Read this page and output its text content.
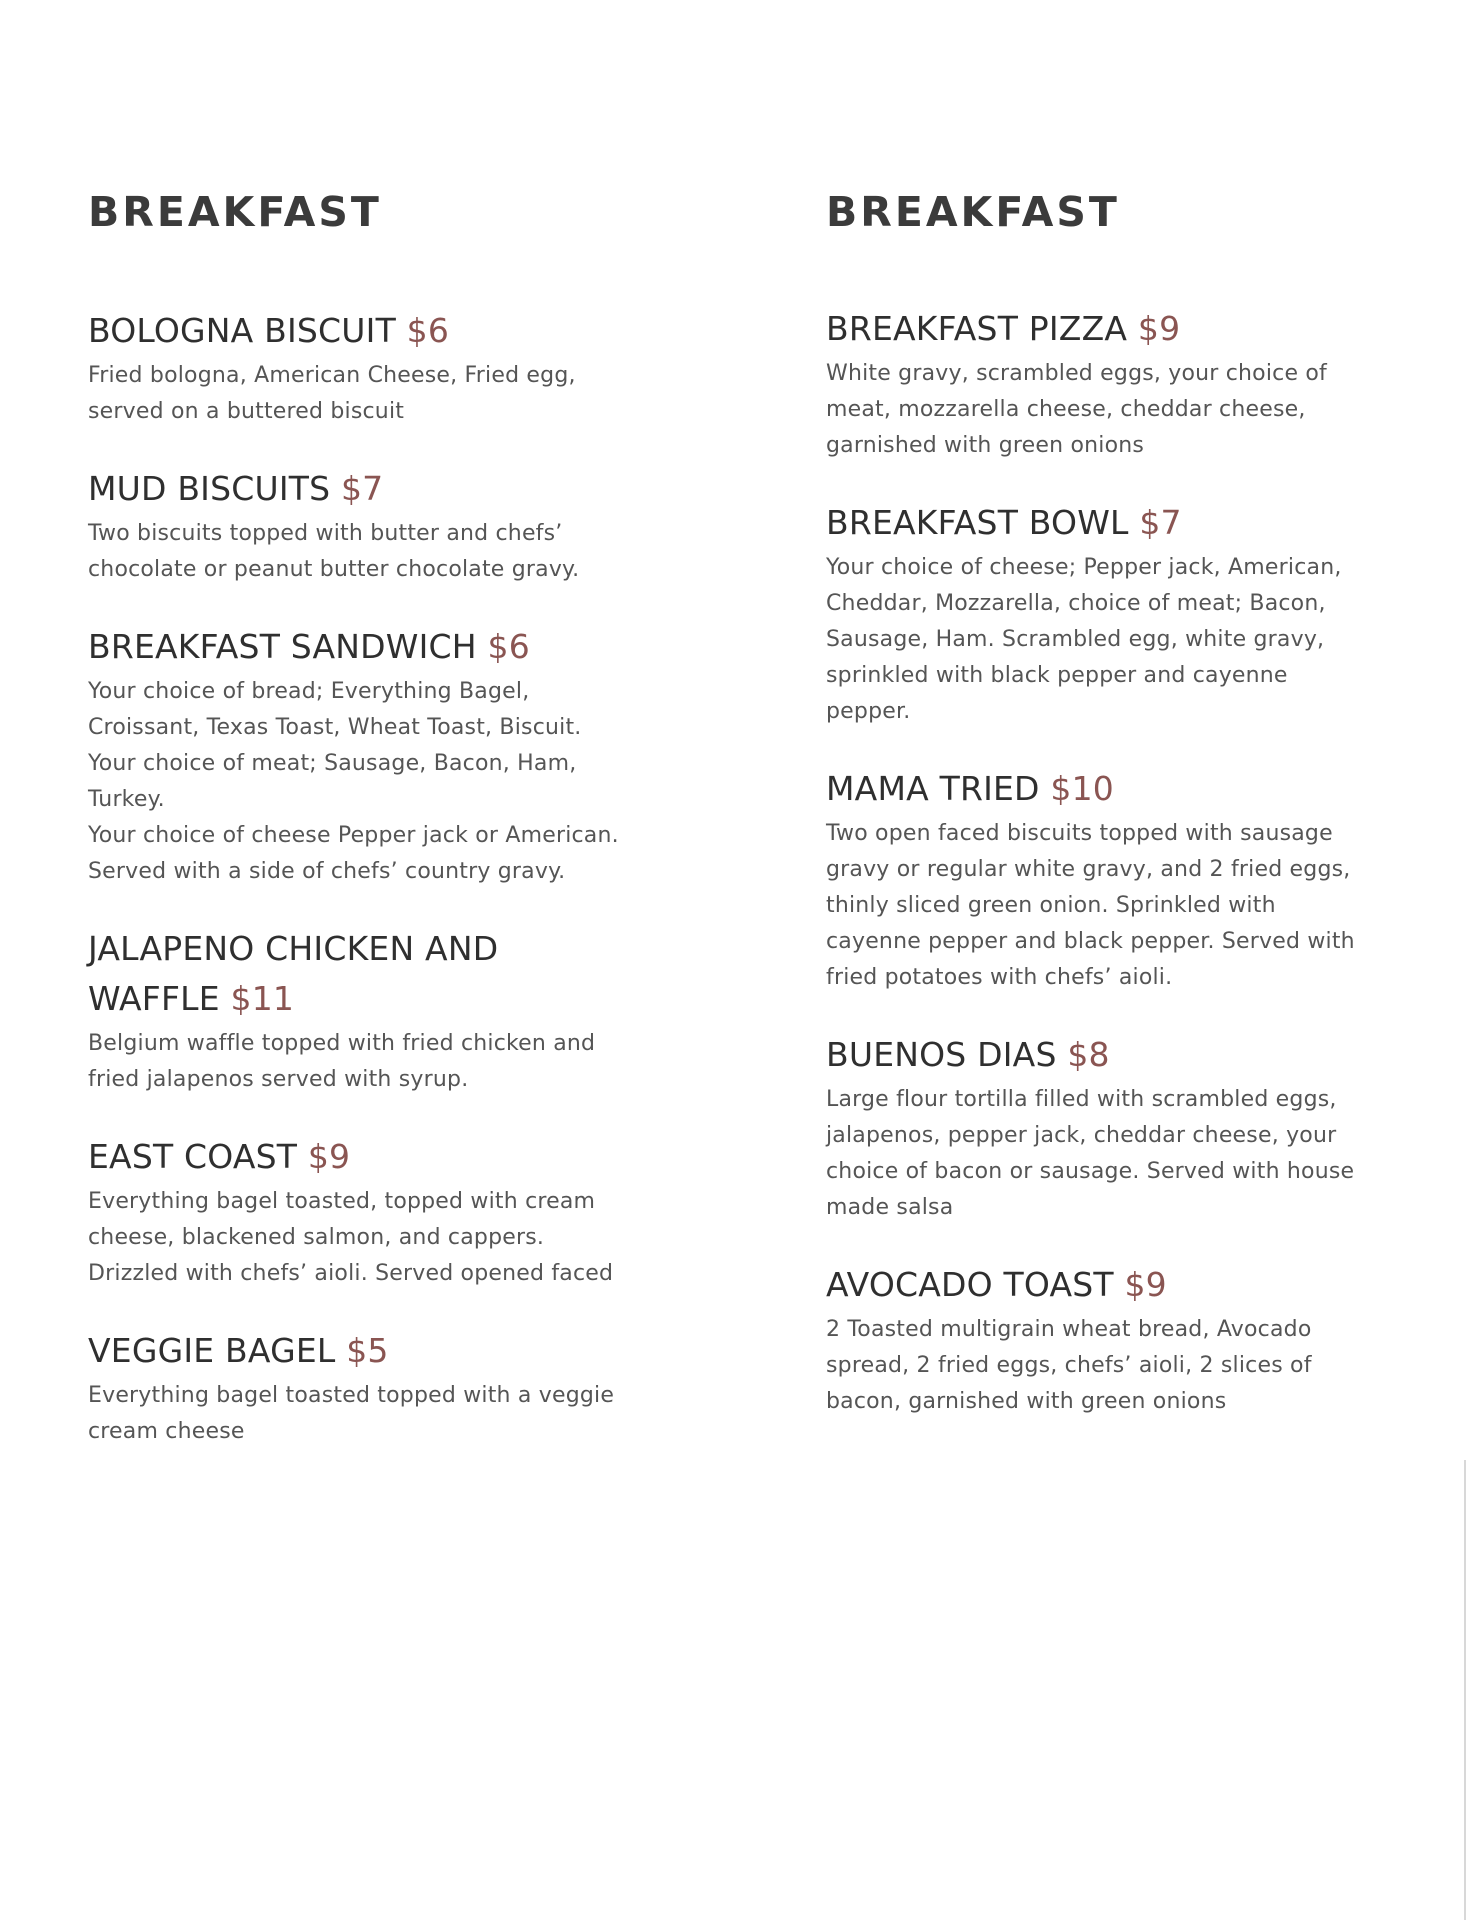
BREAKFAST
BOLOGNA BISCUIT $6
Fried bologna, American Cheese, Fried egg,
served on a buttered biscuit
MUD BISCUITS $7
Two biscuits topped with butter and chefs’
chocolate or peanut butter chocolate gravy.
BREAKFAST SANDWICH $6
Your choice of bread; Everything Bagel,
Croissant, Texas Toast, Wheat Toast, Biscuit.
Your choice of meat; Sausage, Bacon, Ham,
Turkey.
Your choice of cheese Pepper jack or American.
Served with a side of chefs’ country gravy.
JALAPENO CHICKEN AND WAFFLE $11
Belgium waffle topped with fried chicken and
fried jalapenos served with syrup.
EAST COAST $9
Everything bagel toasted, topped with cream
cheese, blackened salmon, and cappers.
Drizzled with chefs’ aioli. Served opened faced
VEGGIE BAGEL $5
Everything bagel toasted topped with a veggie
cream cheese
BREAKFAST
BREAKFAST PIZZA $9
White gravy, scrambled eggs, your choice of
meat, mozzarella cheese, cheddar cheese,
garnished with green onions
BREAKFAST BOWL $7
Your choice of cheese; Pepper jack, American,
Cheddar, Mozzarella, choice of meat; Bacon,
Sausage, Ham. Scrambled egg, white gravy,
sprinkled with black pepper and cayenne
pepper.
MAMA TRIED $10
Two open faced biscuits topped with sausage
gravy or regular white gravy, and 2 fried eggs,
thinly sliced green onion. Sprinkled with
cayenne pepper and black pepper. Served with
fried potatoes with chefs’ aioli.
BUENOS DIAS $8
Large flour tortilla filled with scrambled eggs,
jalapenos, pepper jack, cheddar cheese, your
choice of bacon or sausage. Served with house
made salsa
AVOCADO TOAST $9
2 Toasted multigrain wheat bread, Avocado
spread, 2 fried eggs, chefs’ aioli, 2 slices of
bacon, garnished with green onions
